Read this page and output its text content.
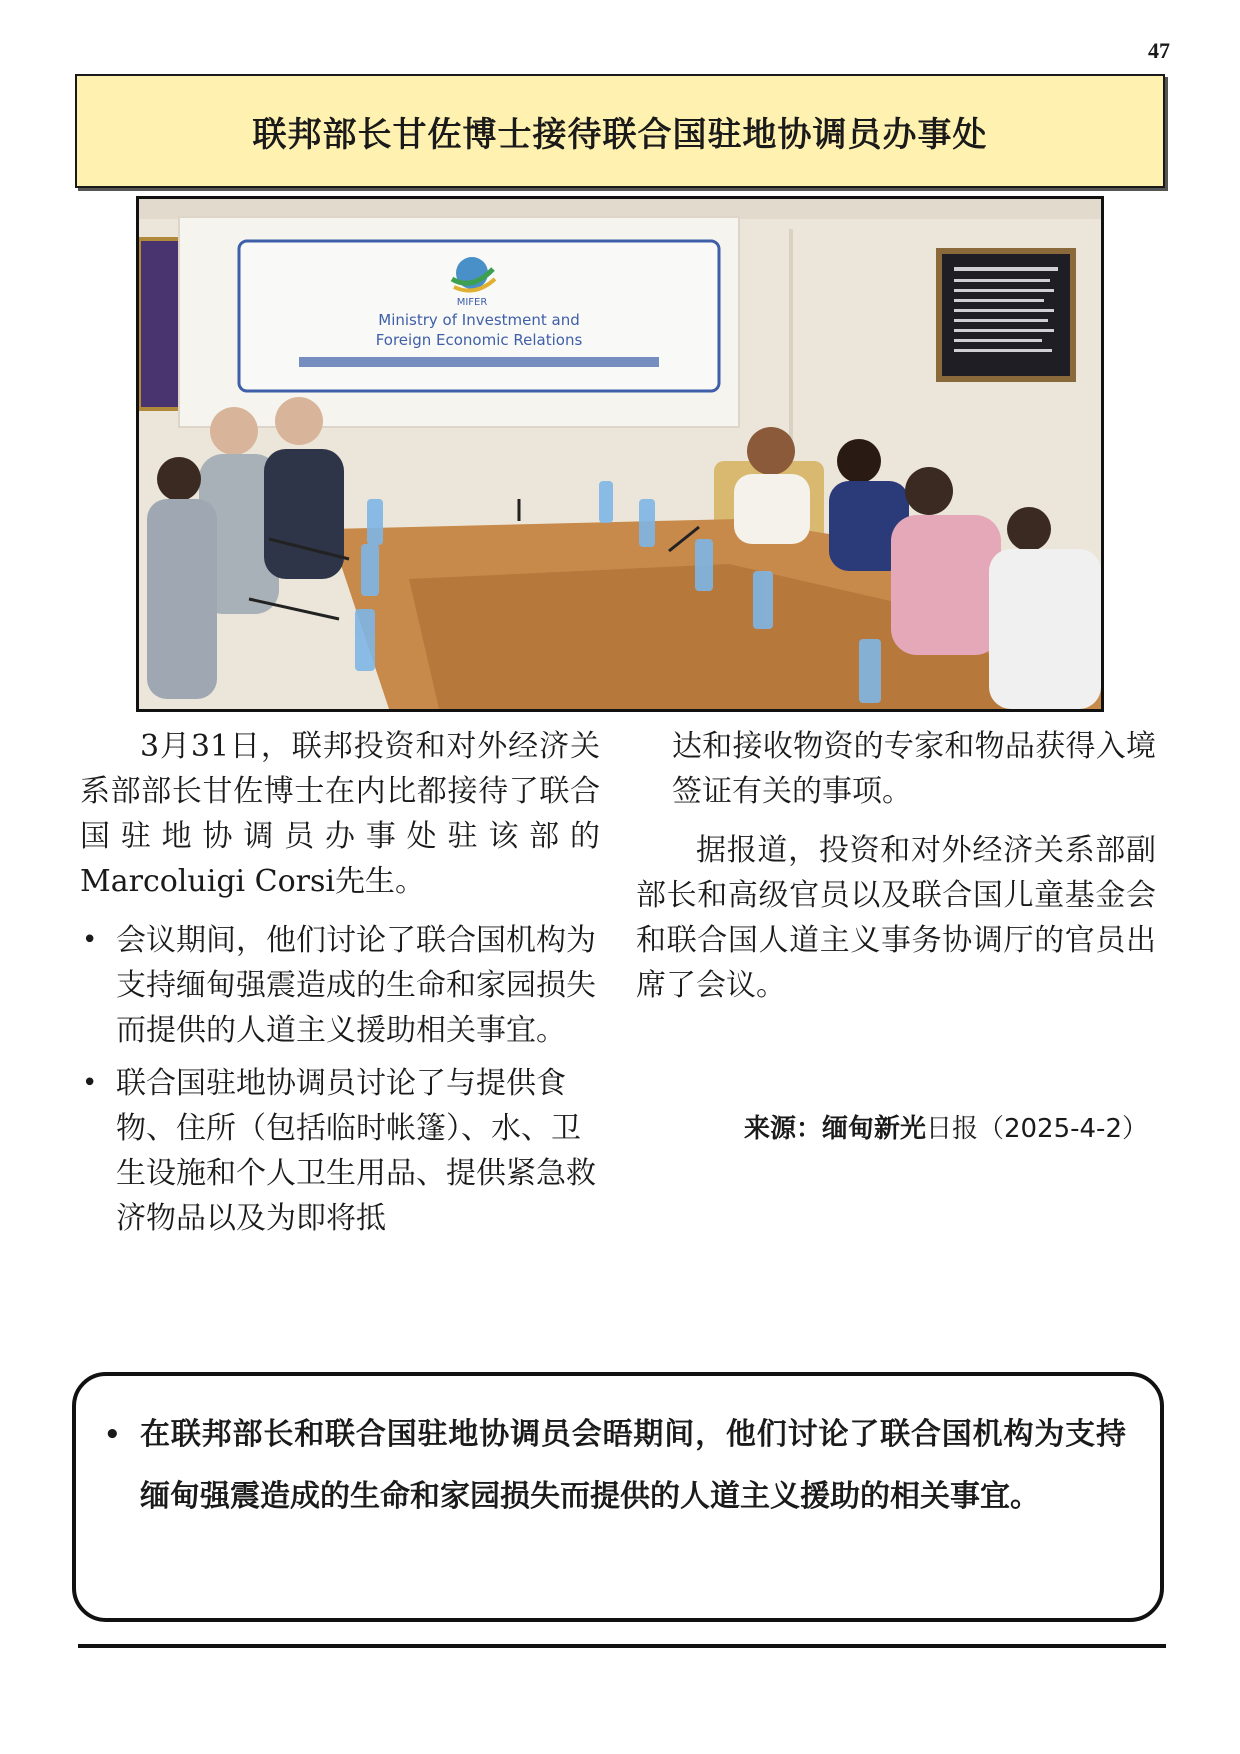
47
联邦部长甘佐博士接待联合国驻地协调员办事处
MIFER
Ministry of Investment and
Foreign Economic Relations

3月31日，联邦投资和对外经济关系部部长甘佐博士在内比都接待了联合国驻地协调员办事处驻该部的Marcoluigi Corsi先生。

• 会议期间，他们讨论了联合国机构为支持缅甸强震造成的生命和家园损失而提供的人道主义援助相关事宜。
• 联合国驻地协调员讨论了与提供食物、住所（包括临时帐篷）、水、卫生设施和个人卫生用品、提供紧急救济物品以及为即将抵

达和接收物资的专家和物品获得入境签证有关的事项。

据报道，投资和对外经济关系部副部长和高级官员以及联合国儿童基金会和联合国人道主义事务协调厅的官员出席了会议。

来源：缅甸新光日报（2025-4-2）
• 在联邦部长和联合国驻地协调员会晤期间，他们讨论了联合国机构为支持缅甸强震造成的生命和家园损失而提供的人道主义援助的相关事宜。
